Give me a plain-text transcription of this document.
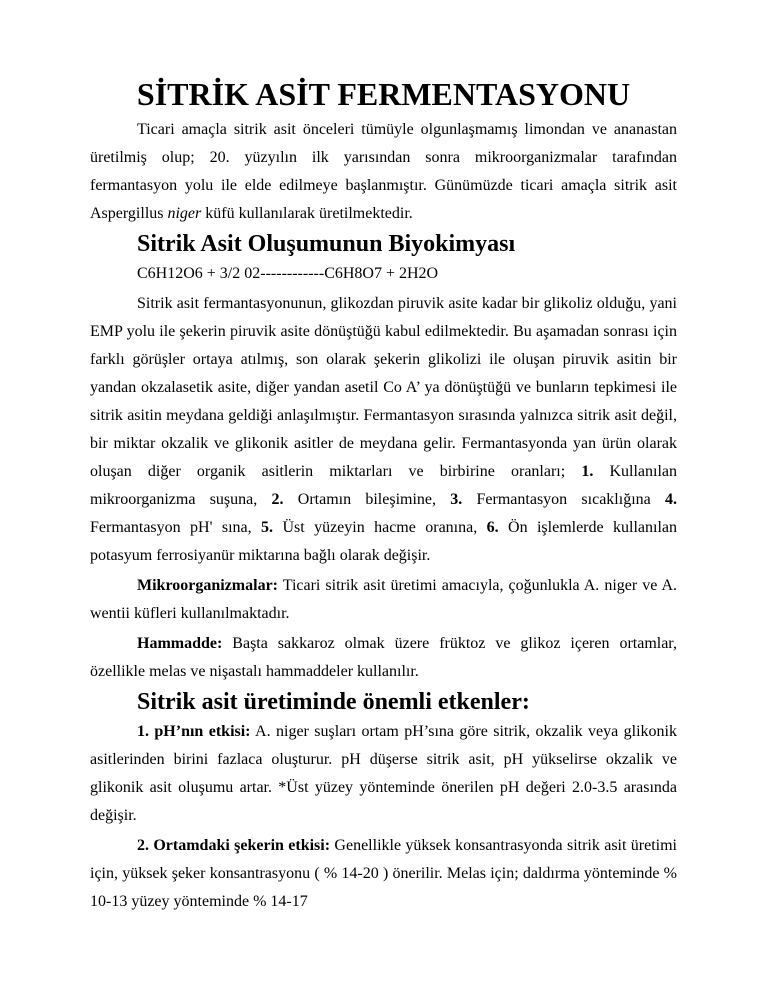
SİTRİK ASİT FERMENTASYONU

Ticari amaçla sitrik asit önceleri tümüyle olgunlaşmamış limondan ve ananastan üretilmiş olup; 20. yüzyılın ilk yarısından sonra mikroorganizmalar tarafından fermantasyon yolu ile elde edilmeye başlanmıştır. Günümüzde ticari amaçla sitrik asit Aspergillus niger küfü kullanılarak üretilmektedir.

Sitrik Asit Oluşumunun Biyokimyası

C6H12O6 + 3/2 02------------C6H8O7 + 2H2O

Sitrik asit fermantasyonunun, glikozdan piruvik asite kadar bir glikoliz olduğu, yani EMP yolu ile şekerin piruvik asite dönüştüğü kabul edilmektedir. Bu aşamadan sonrası için farklı görüşler ortaya atılmış, son olarak şekerin glikolizi ile oluşan piruvik asitin bir yandan okzalasetik asite, diğer yandan asetil Co A’ ya dönüştüğü ve bunların tepkimesi ile sitrik asitin meydana geldiği anlaşılmıştır. Fermantasyon sırasında yalnızca sitrik asit değil, bir miktar okzalik ve glikonik asitler de meydana gelir. Fermantasyonda yan ürün olarak oluşan diğer organik asitlerin miktarları ve birbirine oranları; 1. Kullanılan mikroorganizma suşuna, 2. Ortamın bileşimine, 3. Fermantasyon sıcaklığına 4. Fermantasyon pH' sına, 5. Üst yüzeyin hacme oranına, 6. Ön işlemlerde kullanılan potasyum ferrosiyanür miktarına bağlı olarak değişir.

Mikroorganizmalar: Ticari sitrik asit üretimi amacıyla, çoğunlukla A. niger ve A. wentii küfleri kullanılmaktadır.

Hammadde: Başta sakkaroz olmak üzere früktoz ve glikoz içeren ortamlar, özellikle melas ve nişastalı hammaddeler kullanılır.

Sitrik asit üretiminde önemli etkenler:

1. pH’nın etkisi: A. niger suşları ortam pH’sına göre sitrik, okzalik veya glikonik asitlerinden birini fazlaca oluşturur. pH düşerse sitrik asit, pH yükselirse okzalik ve glikonik asit oluşumu artar. *Üst yüzey yönteminde önerilen pH değeri 2.0-3.5 arasında değişir.

2. Ortamdaki şekerin etkisi: Genellikle yüksek konsantrasyonda sitrik asit üretimi için, yüksek şeker konsantrasyonu ( % 14-20 ) önerilir. Melas için; daldırma yönteminde % 10-13 yüzey yönteminde % 14-17
